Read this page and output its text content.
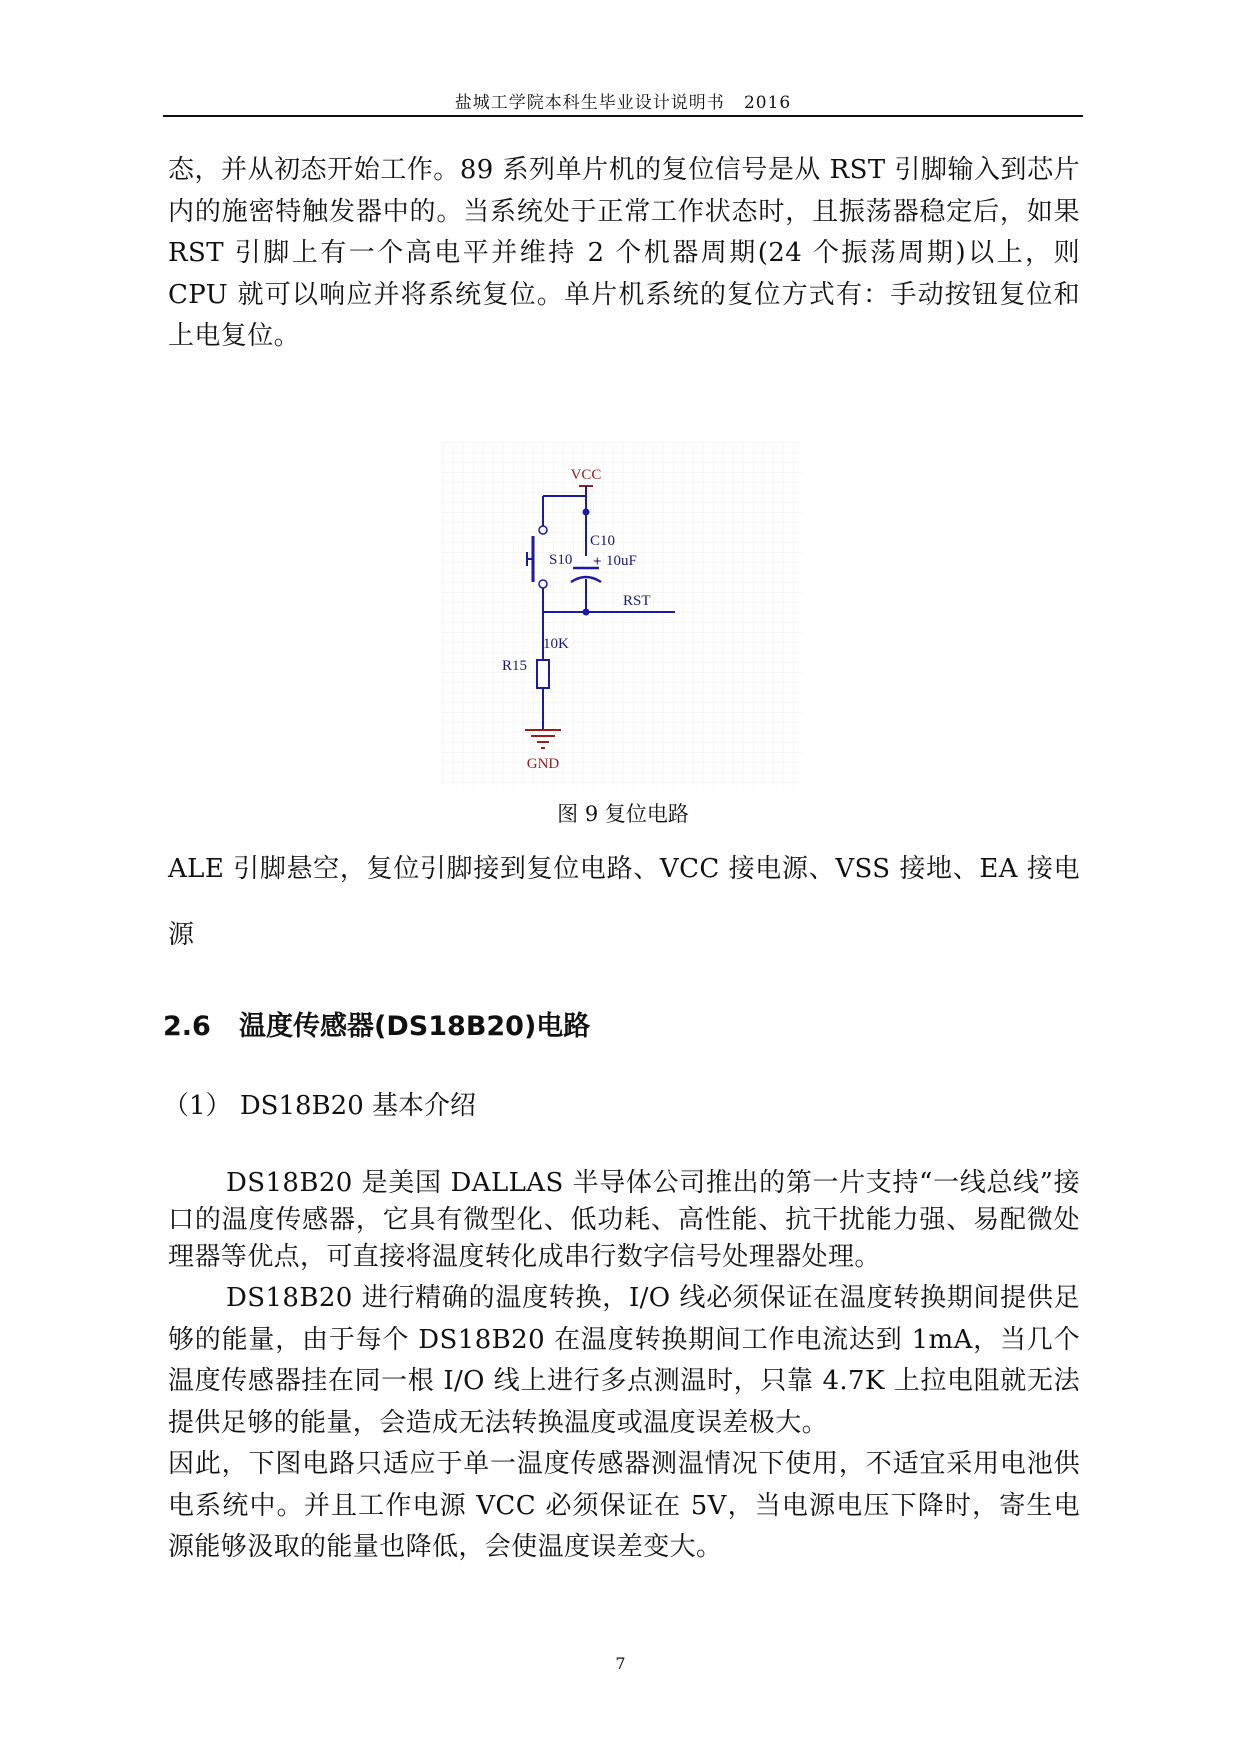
盐城工学院本科生毕业设计说明书 2016
态，并从初态开始工作。89 系列单片机的复位信号是从 RST 引脚输入到芯片内的施密特触发器中的。当系统处于正常工作状态时，且振荡器稳定后，如果 RST 引脚上有一个高电平并维持 2 个机器周期(24 个振荡周期)以上，则 CPU 就可以响应并将系统复位。单片机系统的复位方式有：手动按钮复位和上电复位。
VCC
S10
C10
+ 10uF
RST
10K
R15
GND
图 9 复位电路
ALE 引脚悬空，复位引脚接到复位电路、VCC 接电源、VSS 接地、EA 接电源
2.6 温度传感器(DS18B20)电路
（1） DS18B20 基本介绍
DS18B20 是美国 DALLAS 半导体公司推出的第一片支持“一线总线”接口的温度传感器，它具有微型化、低功耗、高性能、抗干扰能力强、易配微处理器等优点，可直接将温度转化成串行数字信号处理器处理。
DS18B20 进行精确的温度转换，I/O 线必须保证在温度转换期间提供足够的能量，由于每个 DS18B20 在温度转换期间工作电流达到 1mA，当几个温度传感器挂在同一根 I/O 线上进行多点测温时，只靠 4.7K 上拉电阻就无法提供足够的能量，会造成无法转换温度或温度误差极大。
因此，下图电路只适应于单一温度传感器测温情况下使用，不适宜采用电池供电系统中。并且工作电源 VCC 必须保证在 5V，当电源电压下降时，寄生电源能够汲取的能量也降低，会使温度误差变大。
7
